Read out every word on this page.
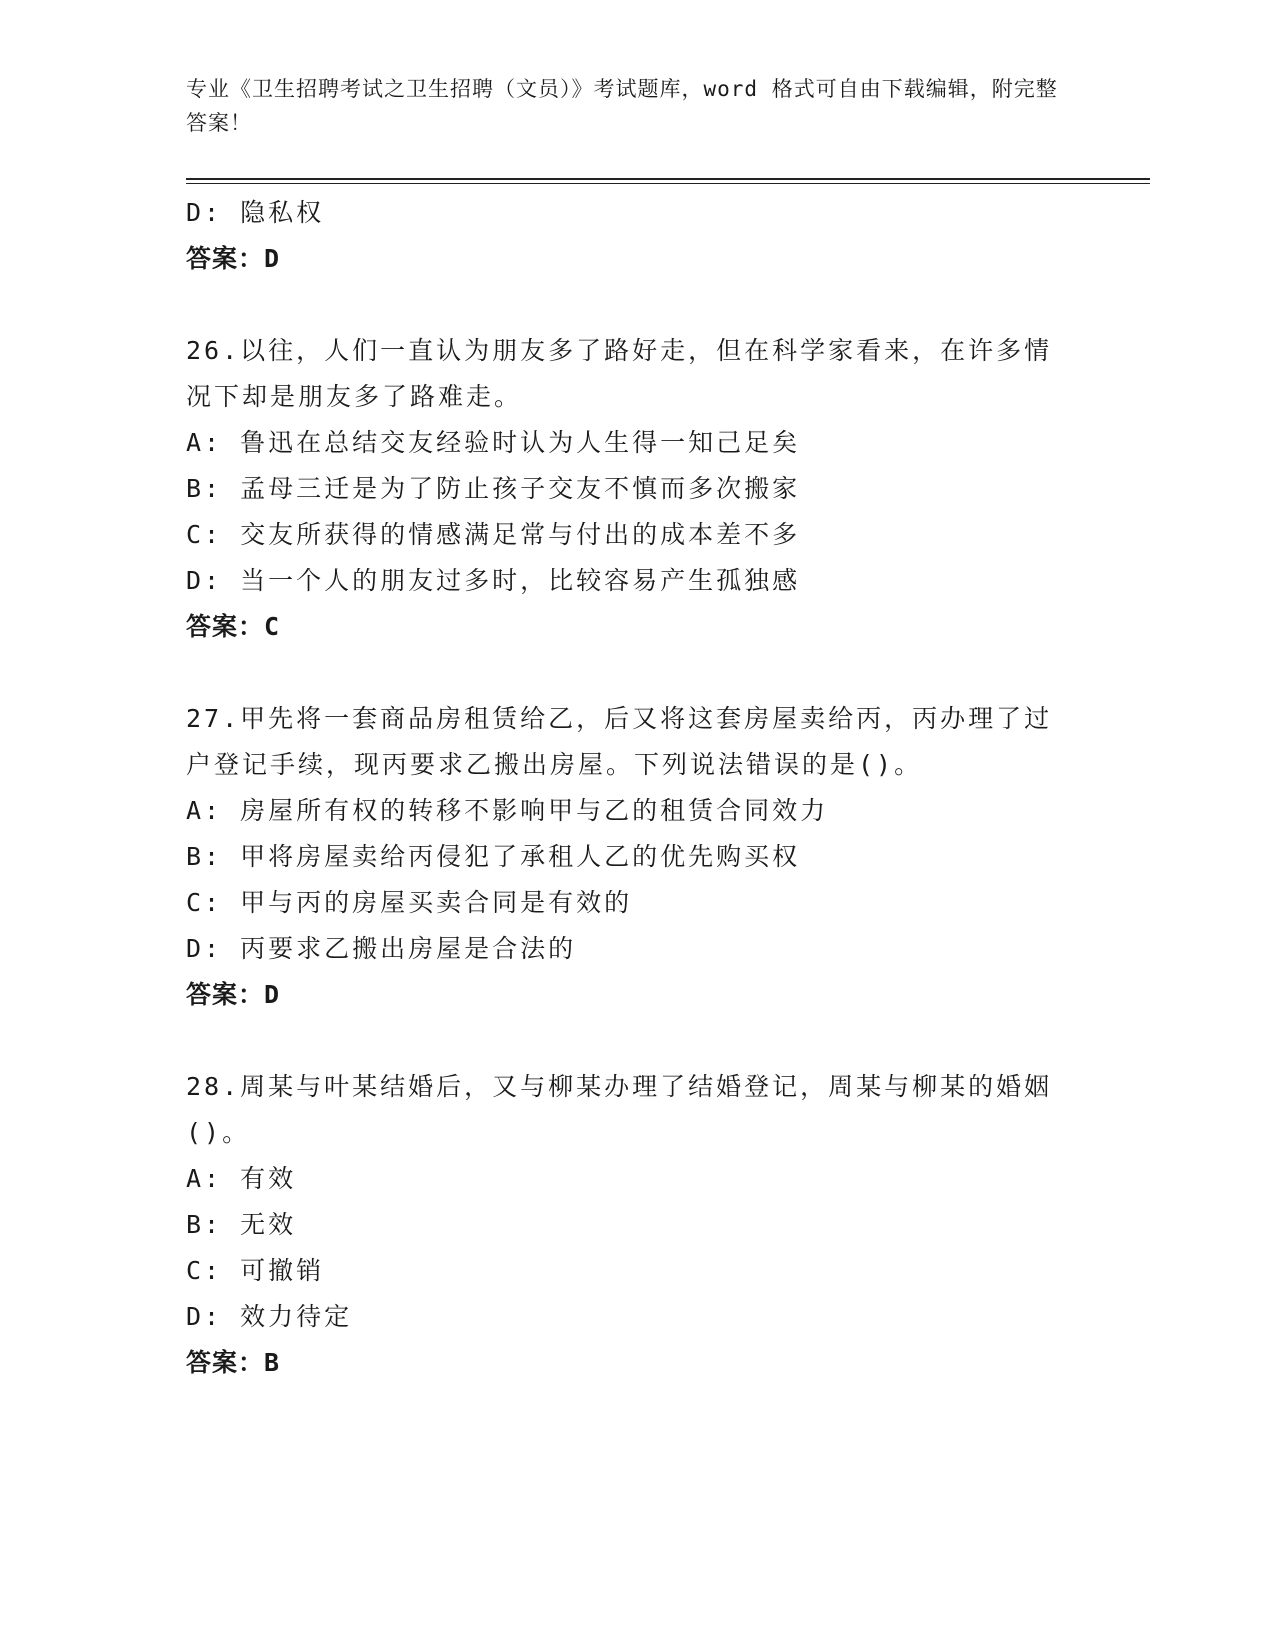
专业《卫生招聘考试之卫生招聘（文员）》考试题库，word 格式可自由下载编辑，附完整答案！
D: 隐私权
答案：D
26.以往，人们一直认为朋友多了路好走，但在科学家看来，在许多情
况下却是朋友多了路难走。
A: 鲁迅在总结交友经验时认为人生得一知己足矣
B: 孟母三迁是为了防止孩子交友不慎而多次搬家
C: 交友所获得的情感满足常与付出的成本差不多
D: 当一个人的朋友过多时，比较容易产生孤独感
答案：C
27.甲先将一套商品房租赁给乙，后又将这套房屋卖给丙，丙办理了过
户登记手续，现丙要求乙搬出房屋。下列说法错误的是()。
A: 房屋所有权的转移不影响甲与乙的租赁合同效力
B: 甲将房屋卖给丙侵犯了承租人乙的优先购买权
C: 甲与丙的房屋买卖合同是有效的
D: 丙要求乙搬出房屋是合法的
答案：D
28.周某与叶某结婚后，又与柳某办理了结婚登记，周某与柳某的婚姻
()。
A: 有效
B: 无效
C: 可撤销
D: 效力待定
答案：B
